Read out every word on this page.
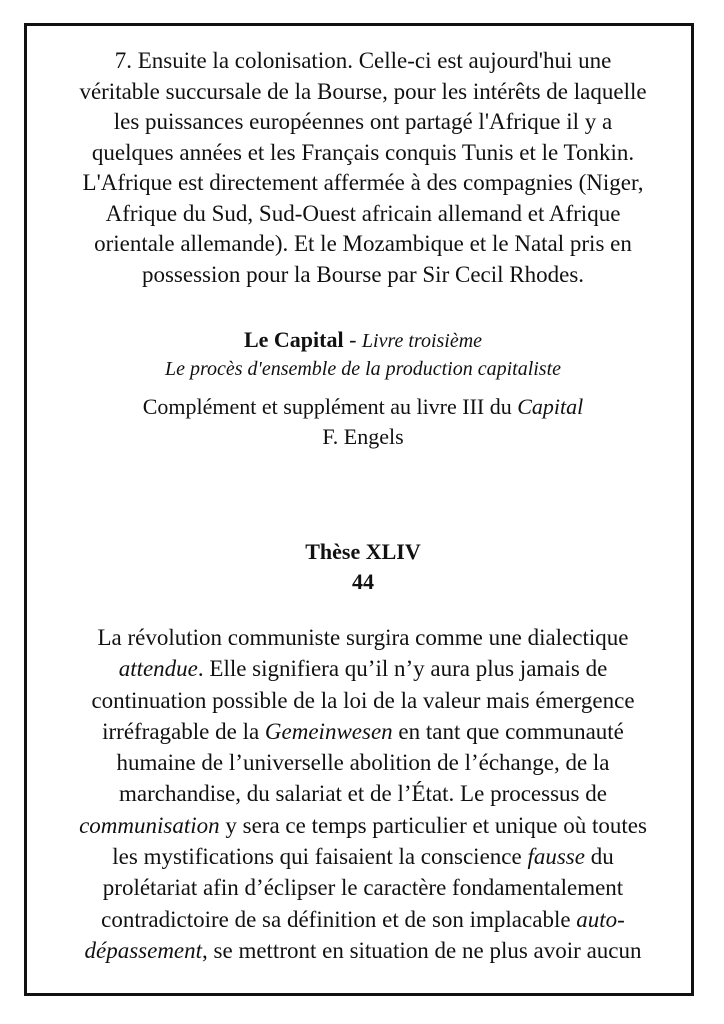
7. Ensuite la colonisation. Celle-ci est aujourd'hui une

véritable succursale de la Bourse, pour les intérêts de laquelle

les puissances européennes ont partagé l'Afrique il y a

quelques années et les Français conquis Tunis et le Tonkin.

L'Afrique est directement affermée à des compagnies (Niger,

Afrique du Sud, Sud-Ouest africain allemand et Afrique

orientale allemande). Et le Mozambique et le Natal pris en

possession pour la Bourse par Sir Cecil Rhodes.

Le Capital - Livre troisième
Le procès d'ensemble de la production capitaliste
Complément et supplément au livre III du Capital
F. Engels
Thèse XLIV
44

La révolution communiste surgira comme une dialectique

attendue. Elle signifiera qu’il n’y aura plus jamais de

continuation possible de la loi de la valeur mais émergence

irréfragable de la Gemeinwesen en tant que communauté

humaine de l’universelle abolition de l’échange, de la

marchandise, du salariat et de l’État. Le processus de

communisation y sera ce temps particulier et unique où toutes

les mystifications qui faisaient la conscience fausse du

prolétariat afin d’éclipser le caractère fondamentalement

contradictoire de sa définition et de son implacable auto-

dépassement, se mettront en situation de ne plus avoir aucun
